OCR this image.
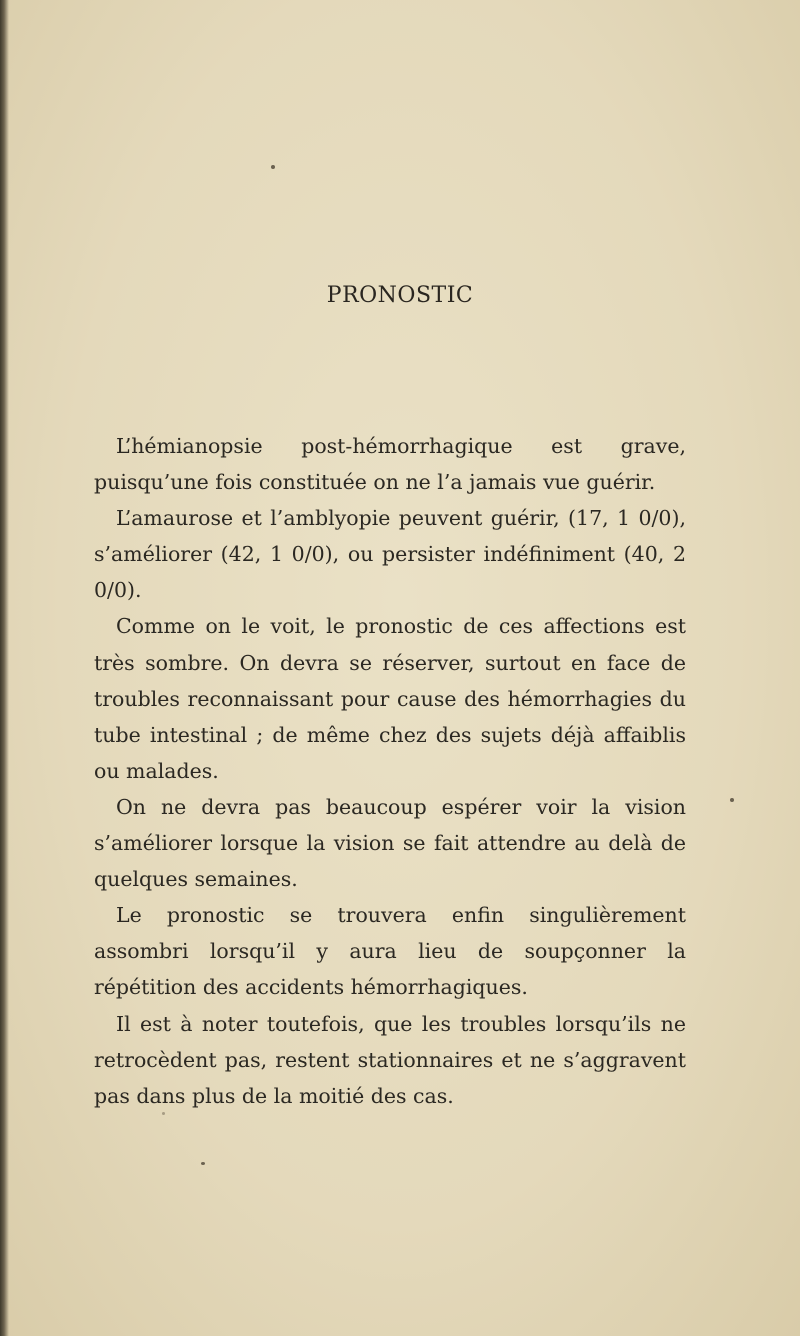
PRONOSTIC

L’hémianopsie post-hémorrhagique est grave, puisqu’une fois constituée on ne l’a jamais vue guérir.

L’amaurose et l’amblyopie peuvent guérir, (17, 1 0/0), s’améliorer (42, 1 0/0), ou persister indéfiniment (40, 2 0/0).

Comme on le voit, le pronostic de ces affections est très sombre. On devra se réserver, surtout en face de troubles reconnaissant pour cause des hémorrhagies du tube intestinal ; de même chez des sujets déjà affaiblis ou malades.

On ne devra pas beaucoup espérer voir la vision s’améliorer lorsque la vision se fait attendre au delà de quelques semaines.

Le pronostic se trouvera enfin singulièrement assombri lorsqu’il y aura lieu de soupçonner la répétition des accidents hémorrhagiques.

Il est à noter toutefois, que les troubles lorsqu’ils ne retrocèdent pas, restent stationnaires et ne s’aggravent pas dans plus de la moitié des cas.
